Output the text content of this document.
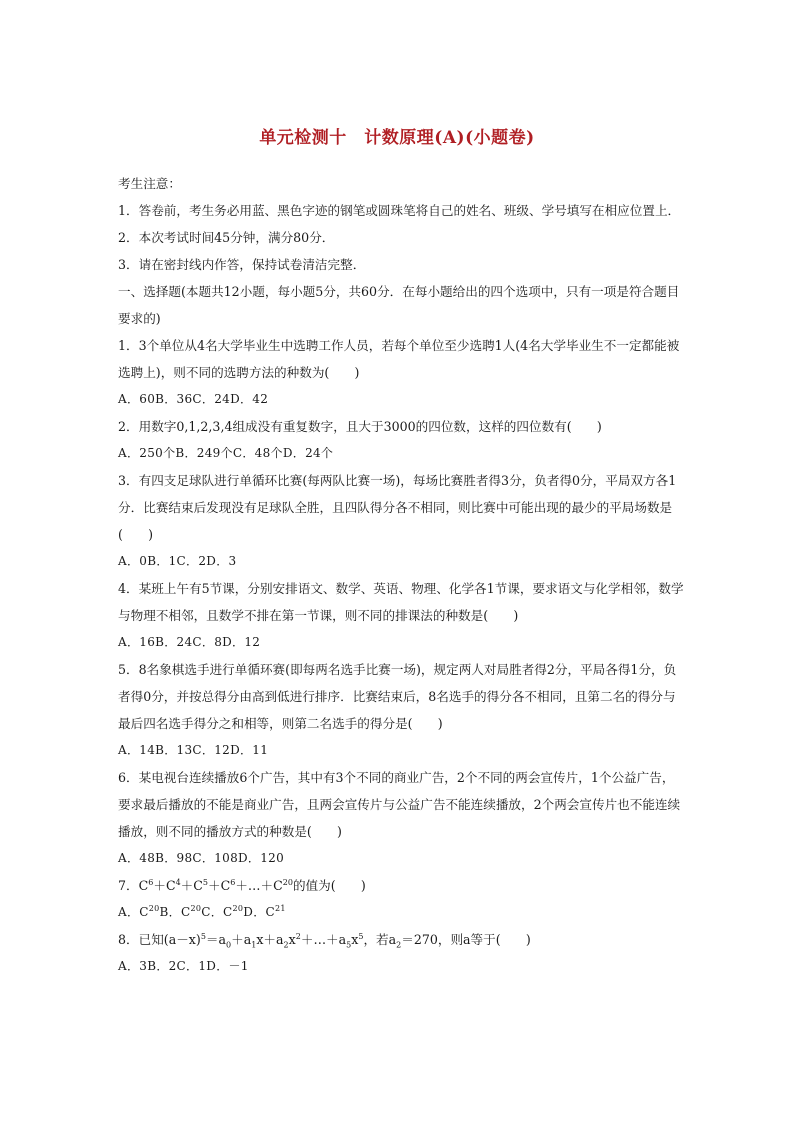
单元检测十　计数原理(A)(小题卷)

考生注意：

1．答卷前，考生务必用蓝、黑色字迹的钢笔或圆珠笔将自己的姓名、班级、学号填写在相应位置上．

2．本次考试时间45分钟，满分80分．

3．请在密封线内作答，保持试卷清洁完整．

一、选择题(本题共12小题，每小题5分，共60分．在每小题给出的四个选项中，只有一项是符合题目要求的)

1．3个单位从4名大学毕业生中选聘工作人员，若每个单位至少选聘1人(4名大学毕业生不一定都能被选聘上)，则不同的选聘方法的种数为(　　)

A．60B．36C．24D．42

2．用数字0,1,2,3,4组成没有重复数字，且大于3000的四位数，这样的四位数有(　　)

A．250个B．249个C．48个D．24个

3．有四支足球队进行单循环比赛(每两队比赛一场)，每场比赛胜者得3分，负者得0分，平局双方各1分．比赛结束后发现没有足球队全胜，且四队得分各不相同，则比赛中可能出现的最少的平局场数是(　　)

A．0B．1C．2D．3

4．某班上午有5节课，分别安排语文、数学、英语、物理、化学各1节课，要求语文与化学相邻，数学与物理不相邻，且数学不排在第一节课，则不同的排课法的种数是(　　)

A．16B．24C．8D．12

5．8名象棋选手进行单循环赛(即每两名选手比赛一场)，规定两人对局胜者得2分，平局各得1分，负者得0分，并按总得分由高到低进行排序．比赛结束后，8名选手的得分各不相同，且第二名的得分与最后四名选手得分之和相等，则第二名选手的得分是(　　)

A．14B．13C．12D．11

6．某电视台连续播放6个广告，其中有3个不同的商业广告，2个不同的两会宣传片，1个公益广告，要求最后播放的不能是商业广告，且两会宣传片与公益广告不能连续播放，2个两会宣传片也不能连续播放，则不同的播放方式的种数是(　　)

A．48B．98C．108D．120

7．$C^6+C^4+C^5+C^6+\dots+C^{20}$的值为(　　)

A．$C^{20}B$．$C^{20}C$．$C^{20}D$．$C^{21}$

8．已知$(a-x)^5=a_0+a_1x+a_2x^2+\dots+a_5x^5$，若$a_2=270$，则a等于(　　)

A．3B．2C．1D．－1
